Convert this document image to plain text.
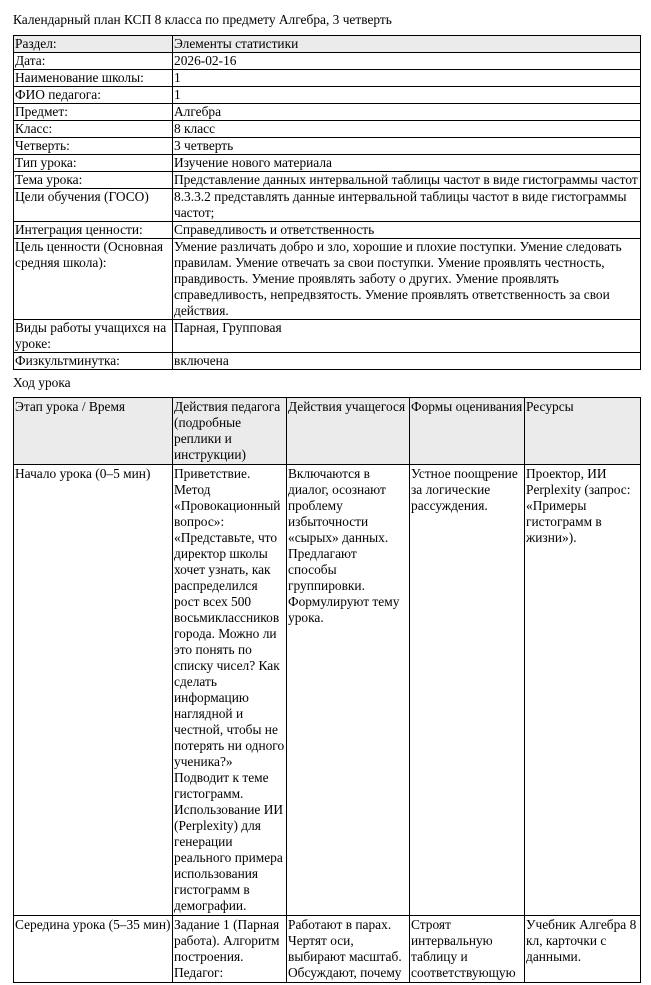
Календарный план КСП 8 класса по предмету Алгебра, 3 четверть
Раздел:	Элементы статистики
Дата:	2026-02-16
Наименование школы:	1
ФИО педагога:	1
Предмет:	Алгебра
Класс:	8 класс
Четверть:	3 четверть
Тип урока:	Изучение нового материала
Тема урока:	Представление данных интервальной таблицы частот в виде гистограммы частот
Цели обучения (ГОСО)	8.3.3.2 представлять данные интервальной таблицы частот в виде гистограммы частот;
Интеграция ценности:	Справедливость и ответственность
Цель ценности (Основная средняя школа):	Умение различать добро и зло, хорошие и плохие поступки. Умение следовать правилам. Умение отвечать за свои поступки. Умение проявлять честность, правдивость. Умение проявлять заботу о других. Умение проявлять справедливость, непредвзятость. Умение проявлять ответственность за свои действия.
Виды работы учащихся на уроке:	Парная, Групповая
Физкультминутка:	включена
Ход урока
Этап урока / Время	Действия педагога (подробные реплики и инструкции)	Действия учащегося	Формы оценивания	Ресурсы
Начало урока (0–5 мин)	Приветствие. Метод «Провокационный вопрос»: «Представьте, что директор школы хочет узнать, как распределился рост всех 500 восьмиклассников города. Можно ли это понять по списку чисел? Как сделать информацию наглядной и честной, чтобы не потерять ни одного ученика?» Подводит к теме гистограмм. Использование ИИ (Perplexity) для генерации реального примера использования гистограмм в демографии.	Включаются в диалог, осознают проблему избыточности «сырых» данных. Предлагают способы группировки. Формулируют тему урока.	Устное поощрение за логические рассуждения.	Проектор, ИИ Perplexity (запрос: «Примеры гистограмм в жизни»).
Середина урока (5–35 мин)	Задание 1 (Парная работа). Алгоритм построения. Педагог:	Работают в парах. Чертят оси, выбирают масштаб. Обсуждают, почему	Строят интервальную таблицу и соответствующую	Учебник Алгебра 8 кл, карточки с данными.
